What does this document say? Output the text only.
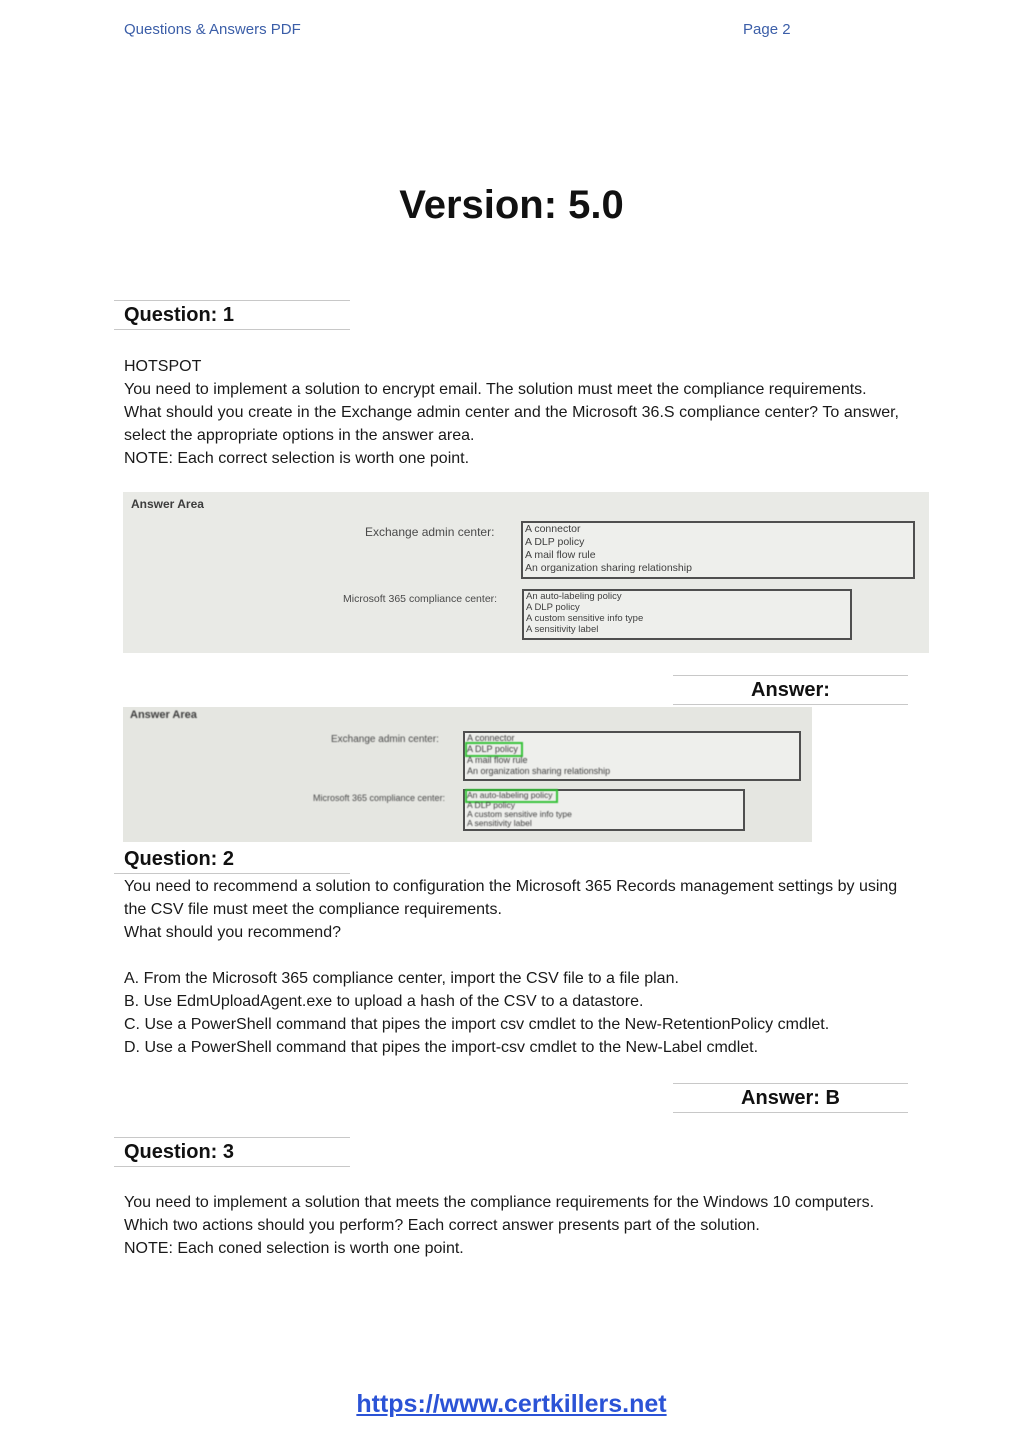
Questions & Answers PDF	Page 2
Version: 5.0
Question: 1

HOTSPOT

You need to implement a solution to encrypt email. The solution must meet the compliance requirements.

What should you create in the Exchange admin center and the Microsoft 36.S compliance center? To answer, select the appropriate options in the answer area.

NOTE: Each correct selection is worth one point.

Answer Area
Exchange admin center:	A connector
A DLP policy
A mail flow rule
An organization sharing relationship
Microsoft 365 compliance center:	An auto-labeling policy
A DLP policy
A custom sensitive info type
A sensitivity label
Answer:
Answer Area
Exchange admin center:	A connector
A DLP policy
A mail flow rule
An organization sharing relationship
Microsoft 365 compliance center:	An auto-labeling policy
A DLP policy
A custom sensitive info type
A sensitivity label
Question: 2

You need to recommend a solution to configuration the Microsoft 365 Records management settings by using the CSV file must meet the compliance requirements.

What should you recommend?

A. From the Microsoft 365 compliance center, import the CSV file to a file plan.

B. Use EdmUploadAgent.exe to upload a hash of the CSV to a datastore.

C. Use a PowerShell command that pipes the import csv cmdlet to the New-RetentionPolicy cmdlet.

D. Use a PowerShell command that pipes the import-csv cmdlet to the New-Label cmdlet.

Answer: B
Question: 3

You need to implement a solution that meets the compliance requirements for the Windows 10 computers.

Which two actions should you perform? Each correct answer presents part of the solution.

NOTE: Each coned selection is worth one point.

https://www.certkillers.net
